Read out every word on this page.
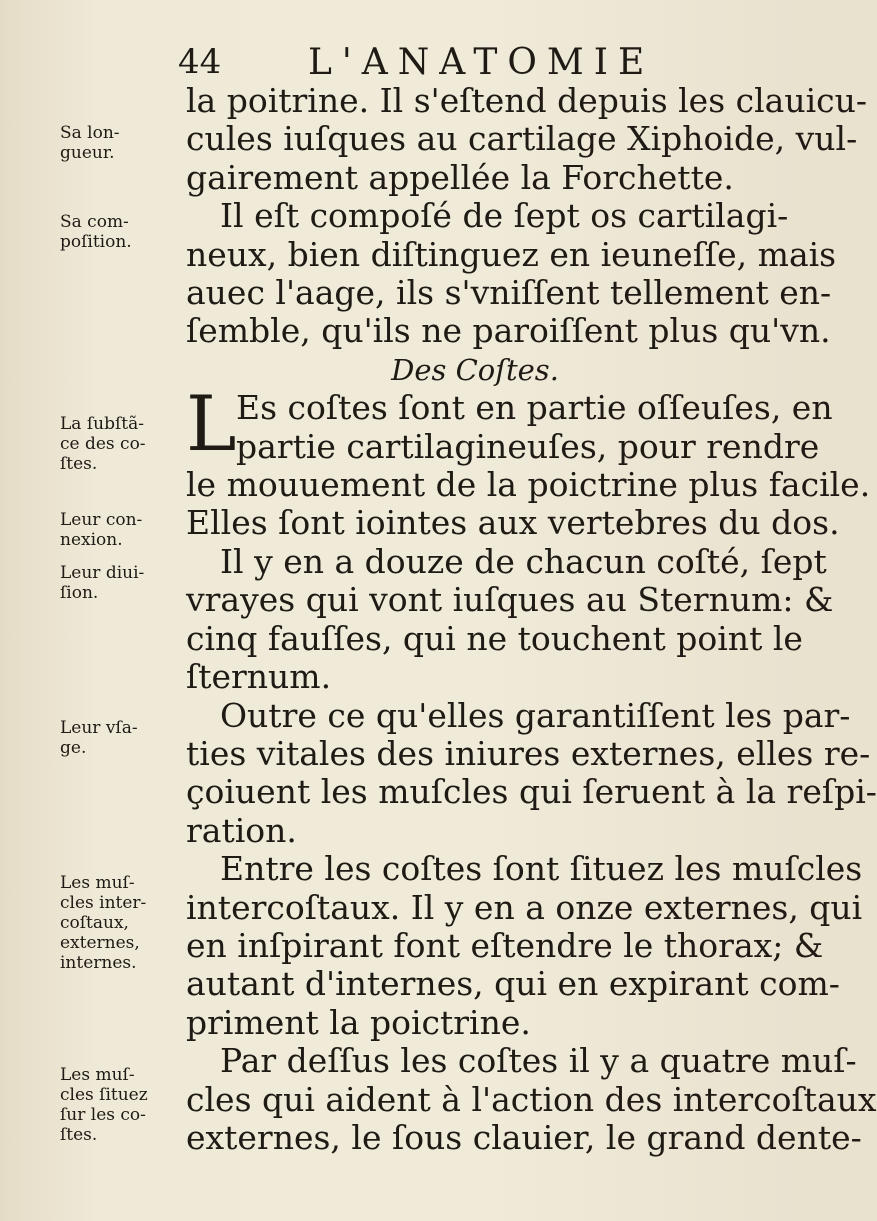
44 L'ANATOMIE
Sa lon-
gueur.
Sa com-
poſition.
La ſubſtã-
ce des co-
ſtes.
Leur con-
nexion.
Leur diui-
ſion.
Leur vſa-
ge.
Les muſ-
cles inter-
coſtaux,
externes,
internes.
Les muſ-
cles ſituez
ſur les co-
ſtes.
la poitrine. Il s'eſtend depuis les clauicu-
cules iuſques au cartilage Xiphoide, vul-
gairement appellée la Forchette.
Il eſt compoſé de ſept os cartilagi-
neux, bien diſtinguez en ieuneſſe, mais
auec l'aage, ils s'vniſſent tellement en-
ſemble, qu'ils ne paroiſſent plus qu'vn.
Des Coſtes.
L Es coſtes ſont en partie oſſeuſes, en
partie cartilagineuſes, pour rendre
le mouuement de la poictrine plus facile.
Elles ſont iointes aux vertebres du dos.
Il y en a douze de chacun coſté, ſept
vrayes qui vont iuſques au Sternum: &
cinq fauſſes, qui ne touchent point le
ſternum.
Outre ce qu'elles garantiſſent les par-
ties vitales des iniures externes, elles re-
çoiuent les muſcles qui ſeruent à la reſpi-
ration.
Entre les coſtes ſont ſituez les muſcles
intercoſtaux. Il y en a onze externes, qui
en inſpirant font eſtendre le thorax; &
autant d'internes, qui en expirant com-
priment la poictrine.
Par deſſus les coſtes il y a quatre muſ-
cles qui aident à l'action des intercoſtaux
externes, le ſous clauier, le grand dente-
